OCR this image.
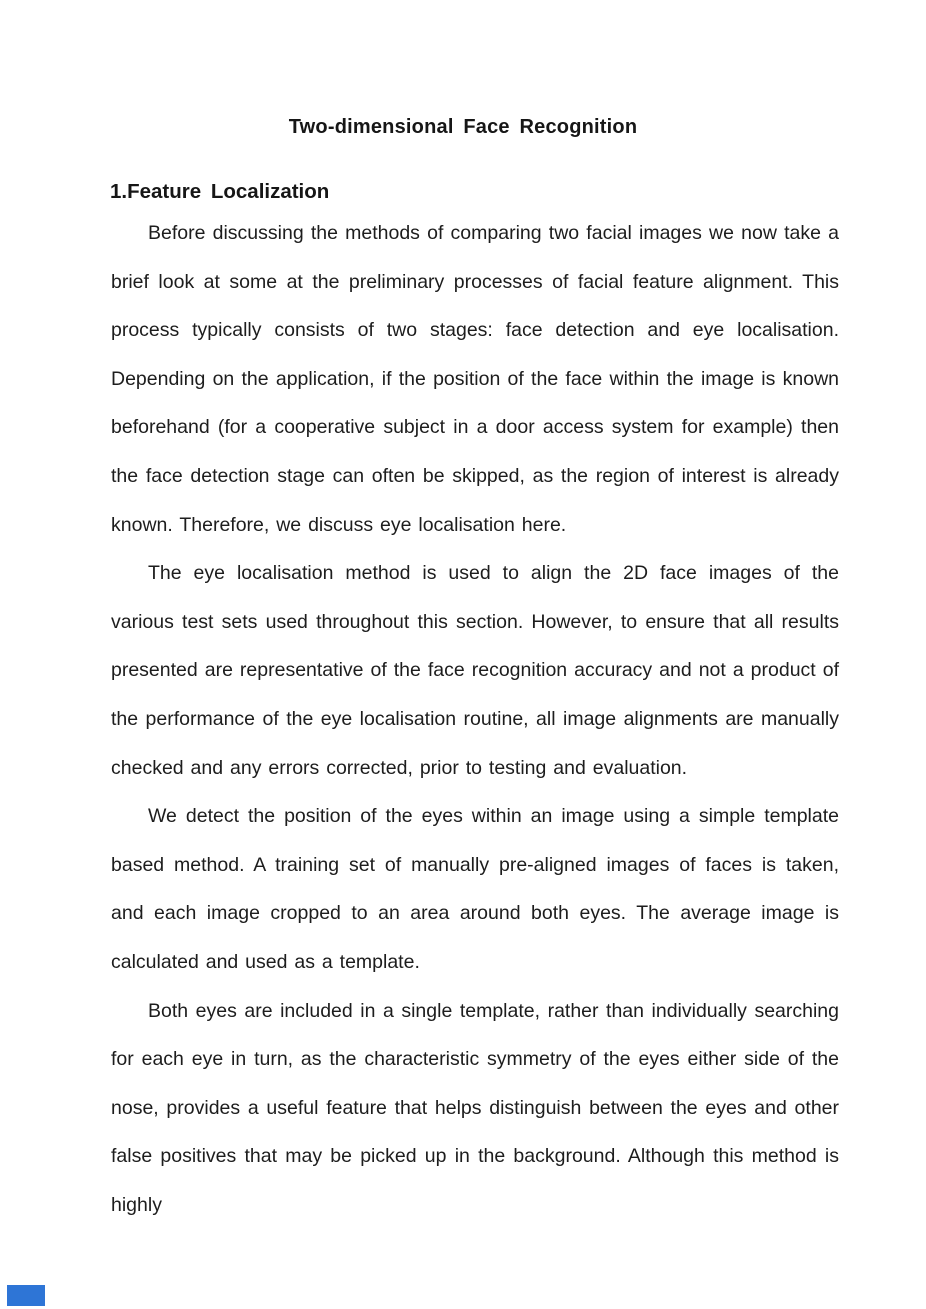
Two-dimensional Face Recognition
1.Feature Localization

Before discussing the methods of comparing two facial images we now take a brief look at some at the preliminary processes of facial feature alignment. This process typically consists of two stages: face detection and eye localisation. Depending on the application, if the position of the face within the image is known beforehand (for a cooperative subject in a door access system for example) then the face detection stage can often be skipped, as the region of interest is already known. Therefore, we discuss eye localisation here.

The eye localisation method is used to align the 2D face images of the various test sets used throughout this section. However, to ensure that all results presented are representative of the face recognition accuracy and not a product of the performance of the eye localisation routine, all image alignments are manually checked and any errors corrected, prior to testing and evaluation.

We detect the position of the eyes within an image using a simple template based method. A training set of manually pre-aligned images of faces is taken, and each image cropped to an area around both eyes. The average image is calculated and used as a template.

Both eyes are included in a single template, rather than individually searching for each eye in turn, as the characteristic symmetry of the eyes either side of the nose, provides a useful feature that helps distinguish between the eyes and other false positives that may be picked up in the background. Although this method is highly
